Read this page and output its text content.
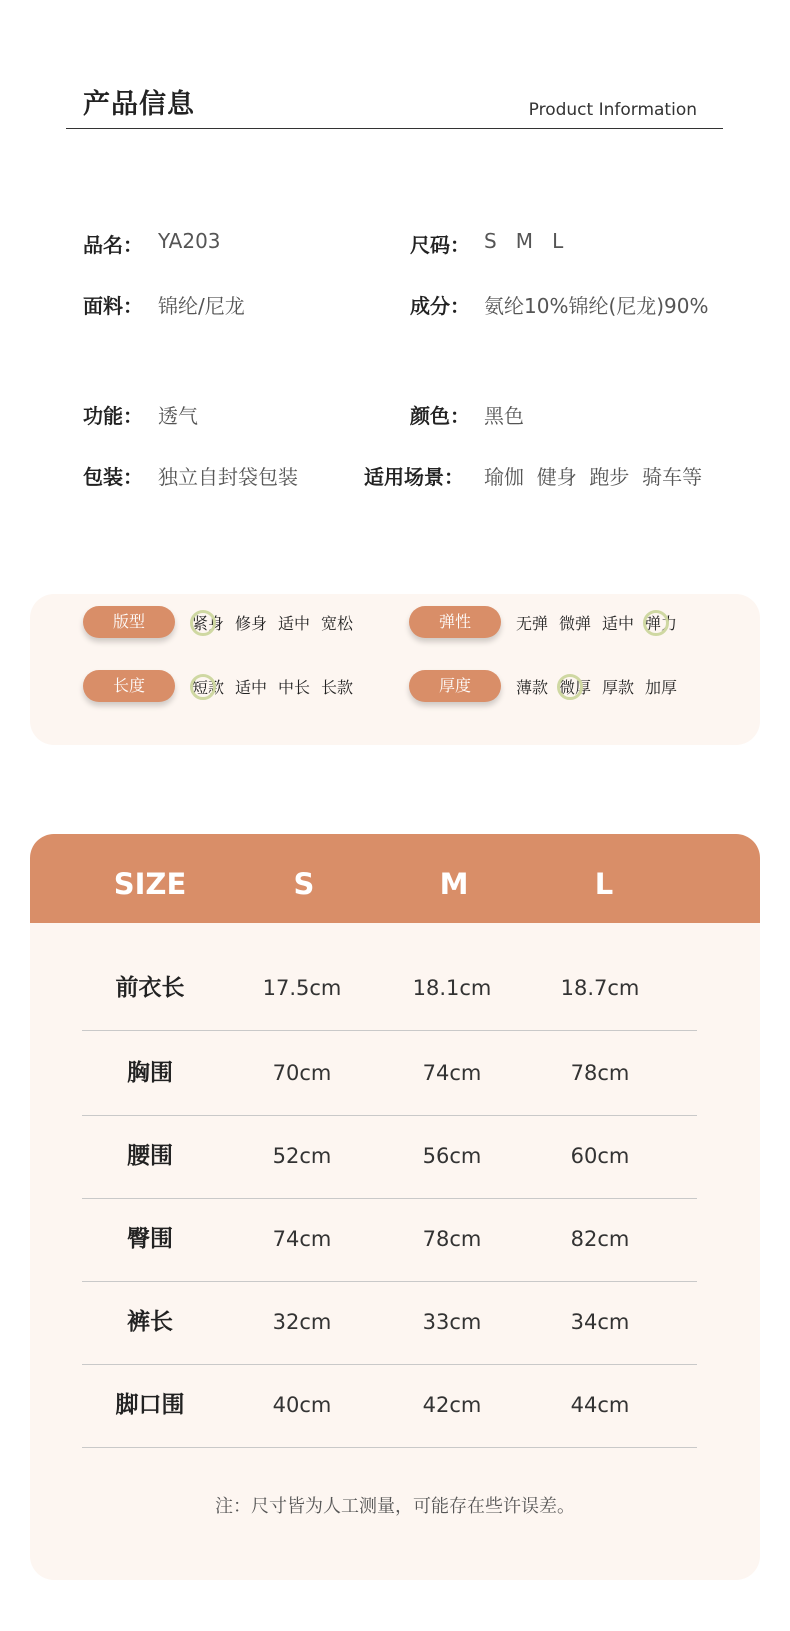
产品信息	Product Information
品名： YA203	尺码： S   M   L
面料： 锦纶/尼龙	成分： 氨纶10%锦纶(尼龙)90%
功能： 透气	颜色： 黑色
包装： 独立自封袋包装	适用场景： 瑜伽  健身  跑步  骑车等
版型	紧身 修身 适中 宽松	弹性	无弹 微弹 适中 弹力
长度	短款 适中 中长 长款	厚度	薄款 微厚 厚款 加厚
SIZE	S	M	L
前衣长	17.5cm	18.1cm	18.7cm
胸围	70cm	74cm	78cm
腰围	52cm	56cm	60cm
臀围	74cm	78cm	82cm
裤长	32cm	33cm	34cm
脚口围	40cm	42cm	44cm
注：尺寸皆为人工测量，可能存在些许误差。
